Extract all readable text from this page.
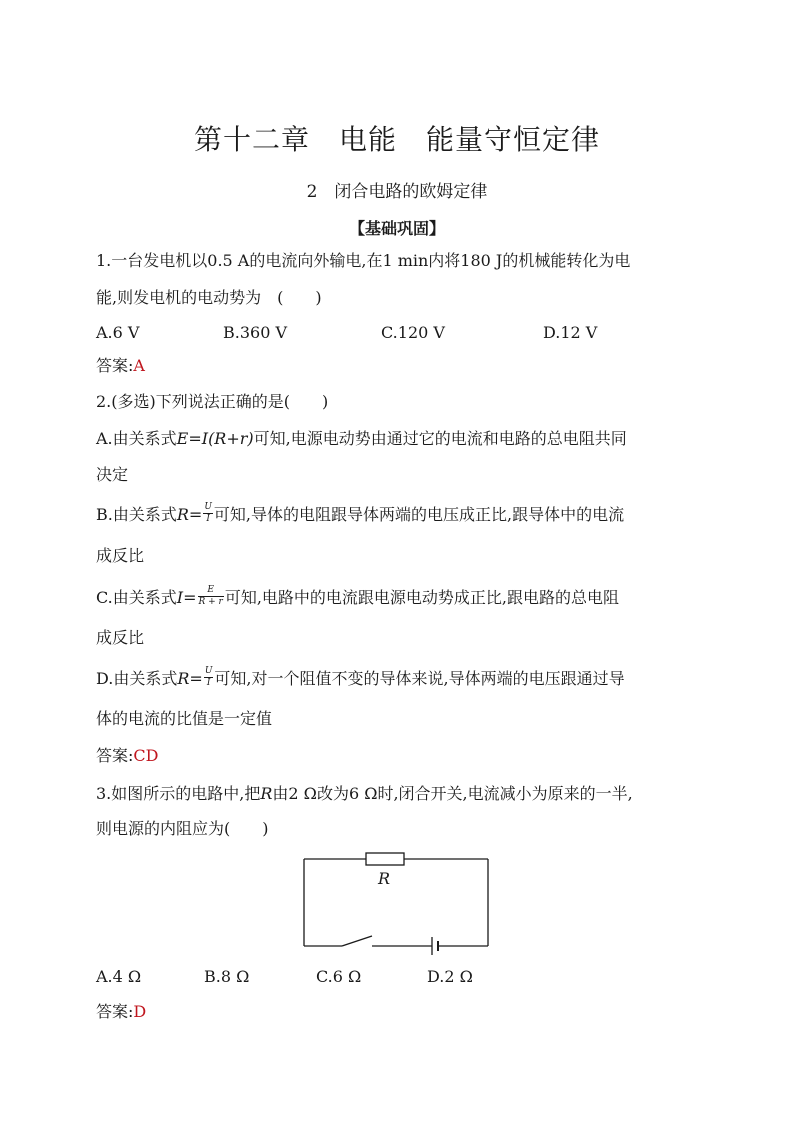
第十二章　电能　能量守恒定律
2　闭合电路的欧姆定律
【基础巩固】
1.一台发电机以0.5 A的电流向外输电,在1 min内将180 J的机械能转化为电
能,则发电机的电动势为　(　　)
A.6 V	B.360 V	C.120 V	D.12 V
答案:A
2.(多选)下列说法正确的是(　　)
A.由关系式E=I(R+r)可知,电源电动势由通过它的电流和电路的总电阻共同
决定
B.由关系式$R= \frac{U}{I}$ 可知,导体的电阻跟导体两端的电压成正比,跟导体中的电流
成反比
C.由关系式$I= \frac{E}{R + r}$ 可知,电路中的电流跟电源电动势成正比,跟电路的总电阻
成反比
D.由关系式$R= \frac{U}{I}$ 可知,对一个阻值不变的导体来说,导体两端的电压跟通过导
体的电流的比值是一定值
答案:CD
3.如图所示的电路中,把R由2 Ω改为6 Ω时,闭合开关,电流减小为原来的一半,
则电源的内阻应为(　　)
R
A.4 Ω	B.8 Ω	C.6 Ω	D.2 Ω
答案:D
